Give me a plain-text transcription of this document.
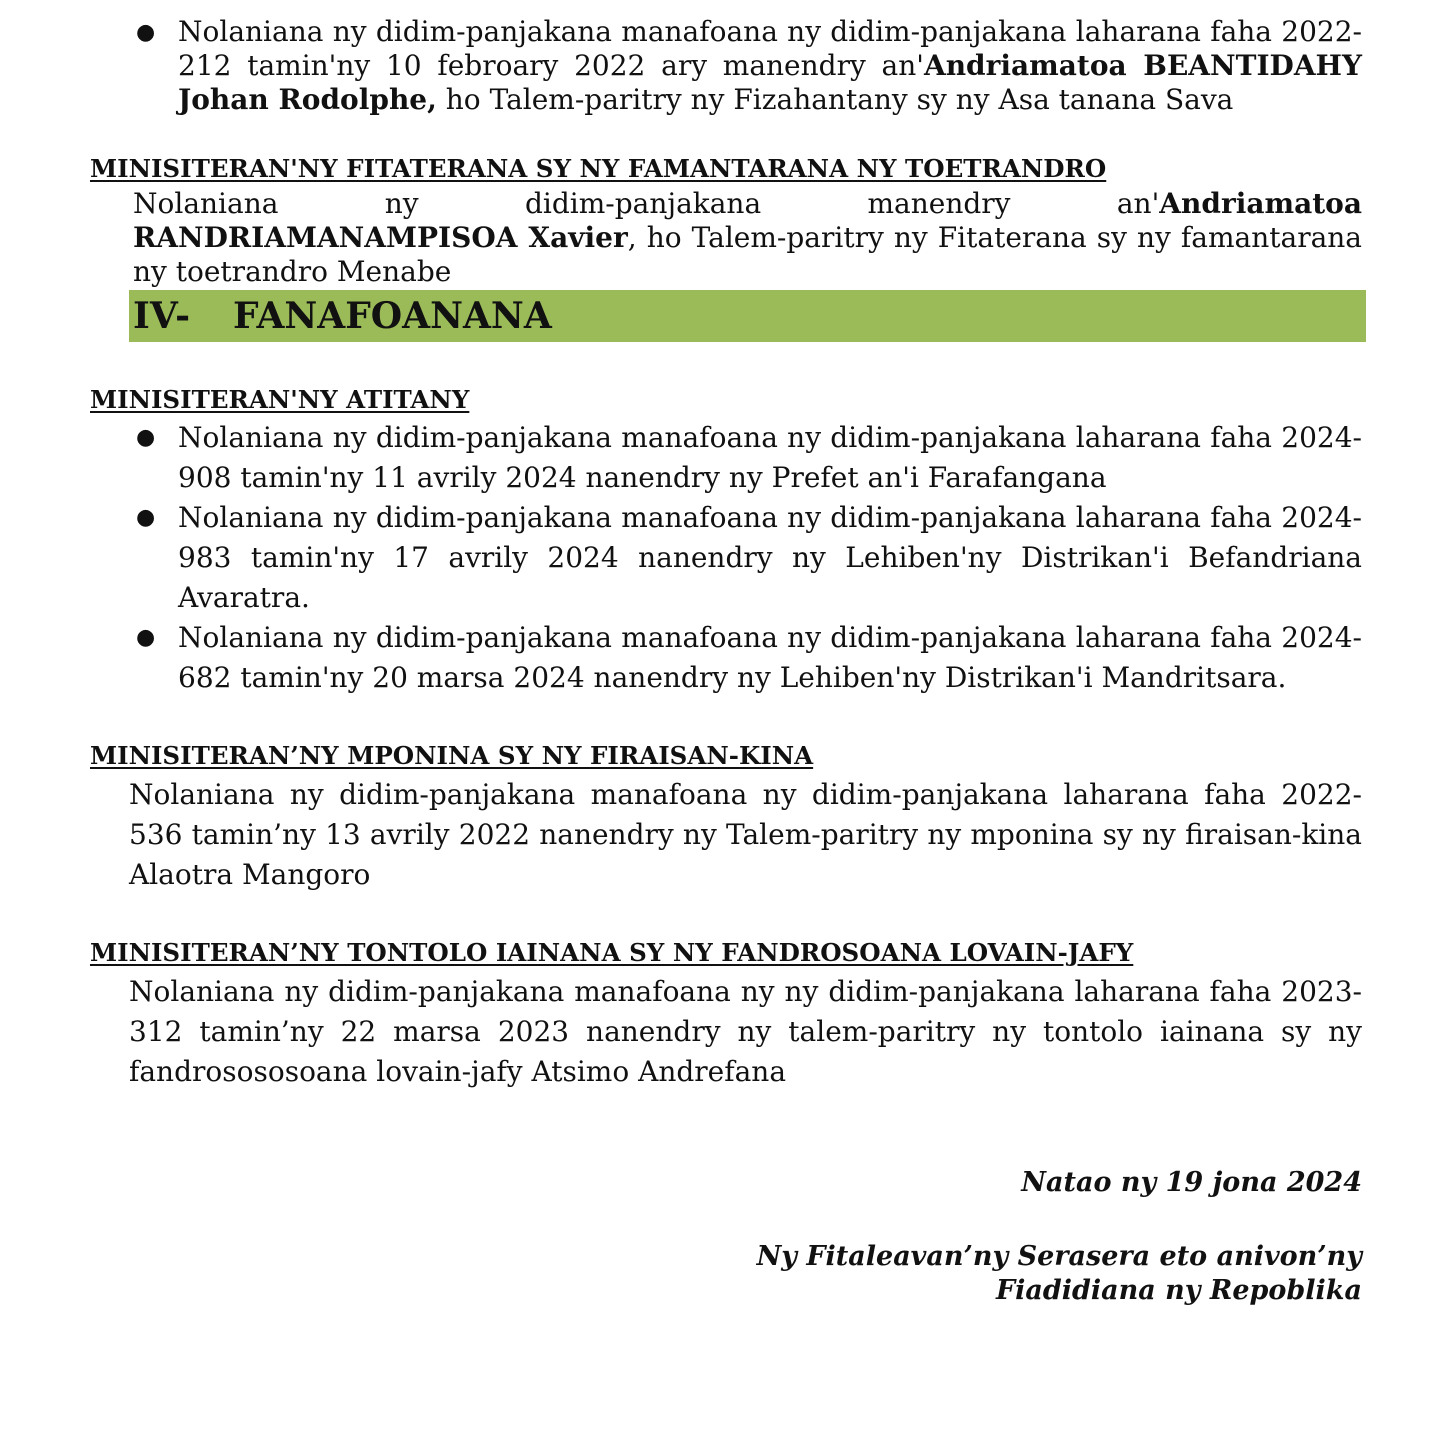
● Nolaniana ny didim-panjakana manafoana ny didim-panjakana laharana faha 2022-212 tamin'ny 10 febroary 2022 ary manendry an'Andriamatoa BEANTIDAHY Johan Rodolphe, ho Talem-paritry ny Fizahantany sy ny Asa tanana Sava

MINISITERAN'NY FITATERANA SY NY FAMANTARANA NY TOETRANDRO

Nolaniana ny didim-panjakana manendry an'Andriamatoa RANDRIAMANAMPISOA Xavier, ho Talem-paritry ny Fitaterana sy ny famantarana ny toetrandro Menabe

IV-	FANAFOANANA
MINISITERAN'NY ATITANY
● Nolaniana ny didim-panjakana manafoana ny didim-panjakana laharana faha 2024-908 tamin'ny 11 avrily 2024 nanendry ny Prefet an'i Farafangana

● Nolaniana ny didim-panjakana manafoana ny didim-panjakana laharana faha 2024-983 tamin'ny 17 avrily 2024 nanendry ny Lehiben'ny Distrikan'i Befandriana Avaratra.

● Nolaniana ny didim-panjakana manafoana ny didim-panjakana laharana faha 2024-682 tamin'ny 20 marsa 2024 nanendry ny Lehiben'ny Distrikan'i Mandritsara.

MINISITERAN’NY MPONINA SY NY FIRAISAN-KINA

Nolaniana ny didim-panjakana manafoana ny didim-panjakana laharana faha 2022-536 tamin’ny 13 avrily 2022 nanendry ny Talem-paritry ny mponina sy ny firaisan-kina Alaotra Mangoro

MINISITERAN’NY TONTOLO IAINANA SY NY FANDROSOANA LOVAIN-JAFY

Nolaniana ny didim-panjakana manafoana ny ny didim-panjakana laharana faha 2023-312 tamin’ny 22 marsa 2023 nanendry ny talem-paritry ny tontolo iainana sy ny fandrosososoana lovain-jafy Atsimo Andrefana

Natao ny 19 jona 2024

Ny Fitaleavan’ny Serasera eto anivon’ny

Fiadidiana ny Repoblika
